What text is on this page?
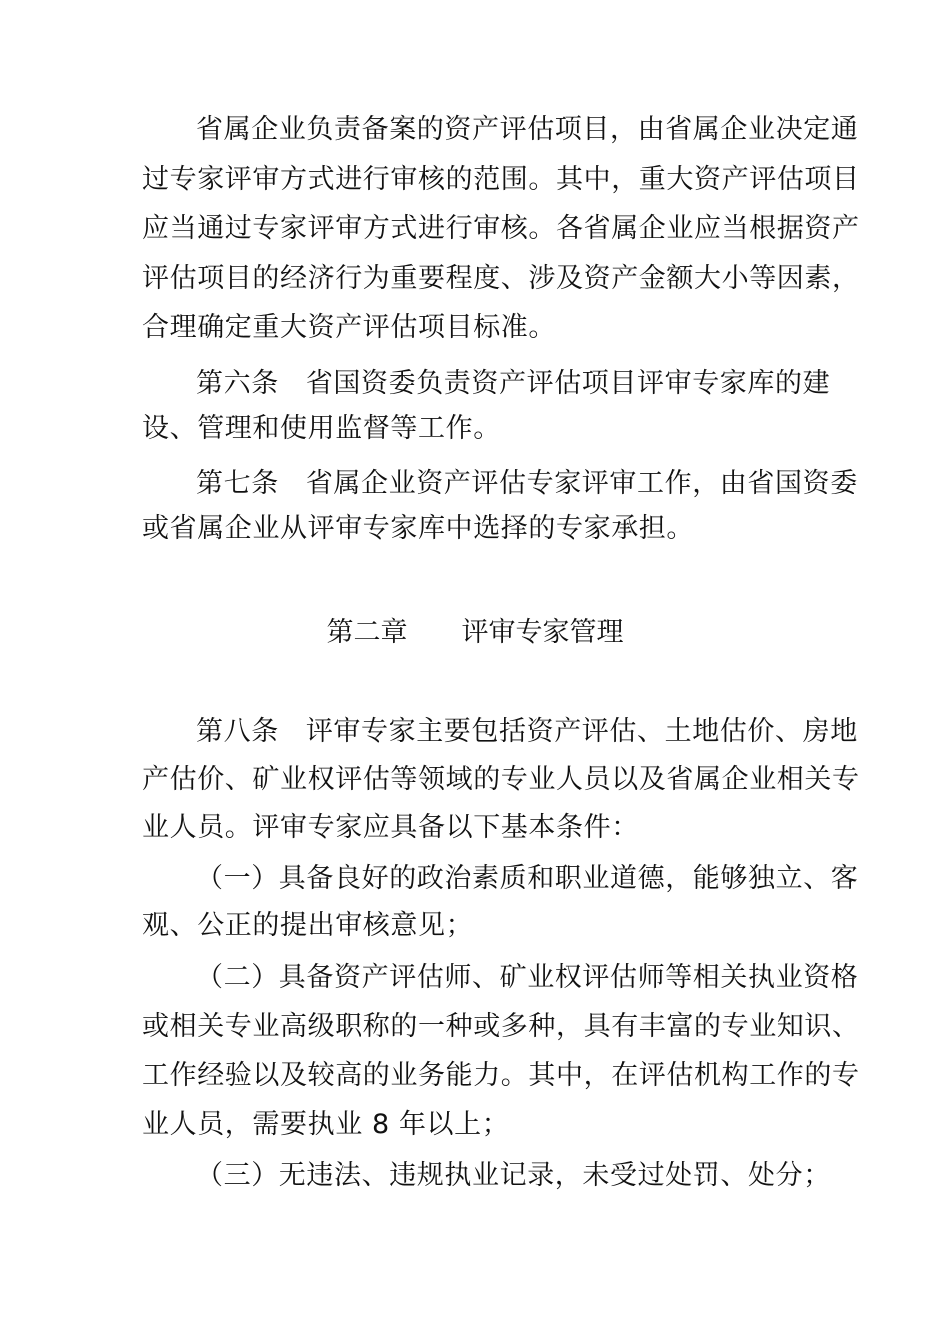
省属企业负责备案的资产评估项目，由省属企业决定通
过专家评审方式进行审核的范围。其中，重大资产评估项目
应当通过专家评审方式进行审核。各省属企业应当根据资产
评估项目的经济行为重要程度、涉及资产金额大小等因素，
合理确定重大资产评估项目标准。
第六条 省国资委负责资产评估项目评审专家库的建
设、管理和使用监督等工作。
第七条 省属企业资产评估专家评审工作，由省国资委
或省属企业从评审专家库中选择的专家承担。
第二章 评审专家管理
第八条 评审专家主要包括资产评估、土地估价、房地
产估价、矿业权评估等领域的专业人员以及省属企业相关专
业人员。评审专家应具备以下基本条件：
（一）具备良好的政治素质和职业道德，能够独立、客
观、公正的提出审核意见；
（二）具备资产评估师、矿业权评估师等相关执业资格
或相关专业高级职称的一种或多种，具有丰富的专业知识、
工作经验以及较高的业务能力。其中，在评估机构工作的专
业人员，需要执业 8 年以上；
（三）无违法、违规执业记录，未受过处罚、处分；
